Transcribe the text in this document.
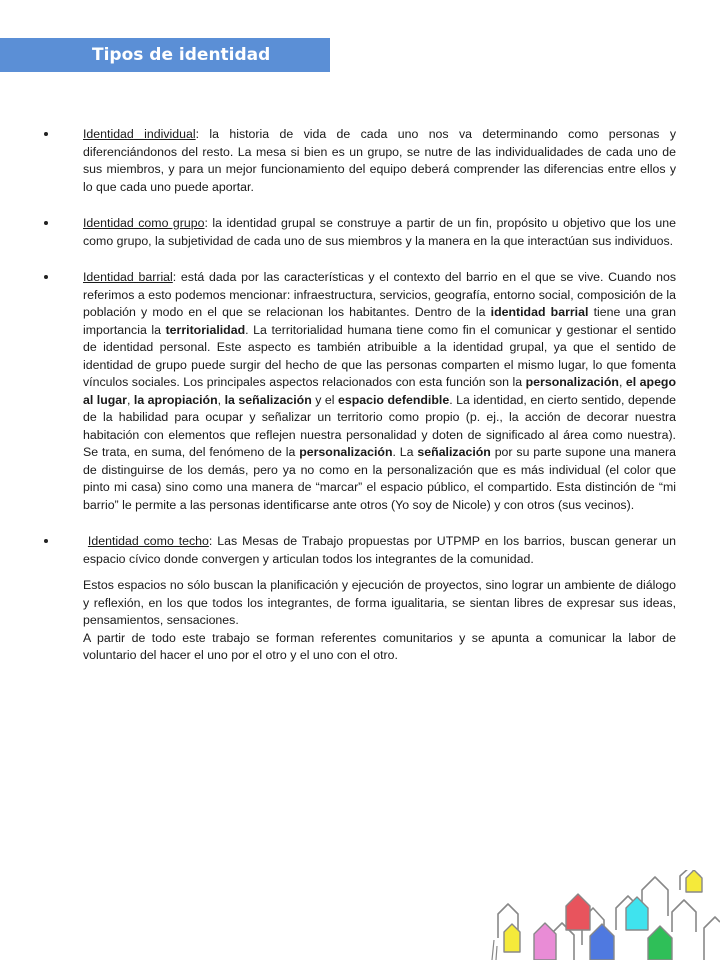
Tipos de identidad

Identidad individual: la historia de vida de cada uno nos va determinando como personas y diferenciándonos del resto. La mesa si bien es un grupo, se nutre de las individualidades de cada uno de sus miembros, y para un mejor funcionamiento del equipo deberá comprender las diferencias entre ellos y lo que cada uno puede aportar.

Identidad como grupo: la identidad grupal se construye a partir de un fin, propósito u objetivo que los une como grupo, la subjetividad de cada uno de sus miembros y la manera en la que interactúan sus individuos.

Identidad barrial: está dada por las características y el contexto del barrio en el que se vive. Cuando nos referimos a esto podemos mencionar: infraestructura, servicios, geografía, entorno social, composición de la población y modo en el que se relacionan los habitantes. Dentro de la identidad barrial tiene una gran importancia la territorialidad. La territorialidad humana tiene como fin el comunicar y gestionar el sentido de identidad personal. Este aspecto es también atribuible a la identidad grupal, ya que el sentido de identidad de grupo puede surgir del hecho de que las personas comparten el mismo lugar, lo que fomenta vínculos sociales. Los principales aspectos relacionados con esta función son la personalización, el apego al lugar, la apropiación, la señalización y el espacio defendible. La identidad, en cierto sentido, depende de la habilidad para ocupar y señalizar un territorio como propio (p. ej., la acción de decorar nuestra habitación con elementos que reflejen nuestra personalidad y doten de significado al área como nuestra). Se trata, en suma, del fenómeno de la personalización. La señalización por su parte supone una manera de distinguirse de los demás, pero ya no como en la personalización que es más individual (el color que pinto mi casa) sino como una manera de “marcar” el espacio público, el compartido. Esta distinción de “mi barrio” le permite a las personas identificarse ante otros (Yo soy de Nicole) y con otros (sus vecinos).

Identidad como techo: Las Mesas de Trabajo propuestas por UTPMP en los barrios, buscan generar un espacio cívico donde convergen y articulan todos los integrantes de la comunidad.

Estos espacios no sólo buscan la planificación y ejecución de proyectos, sino lograr un ambiente de diálogo y reflexión, en los que todos los integrantes, de forma igualitaria, se sientan libres de expresar sus ideas, pensamientos, sensaciones.
A partir de todo este trabajo se forman referentes comunitarios y se apunta a comunicar la labor de voluntario del hacer el uno por el otro y el uno con el otro.
